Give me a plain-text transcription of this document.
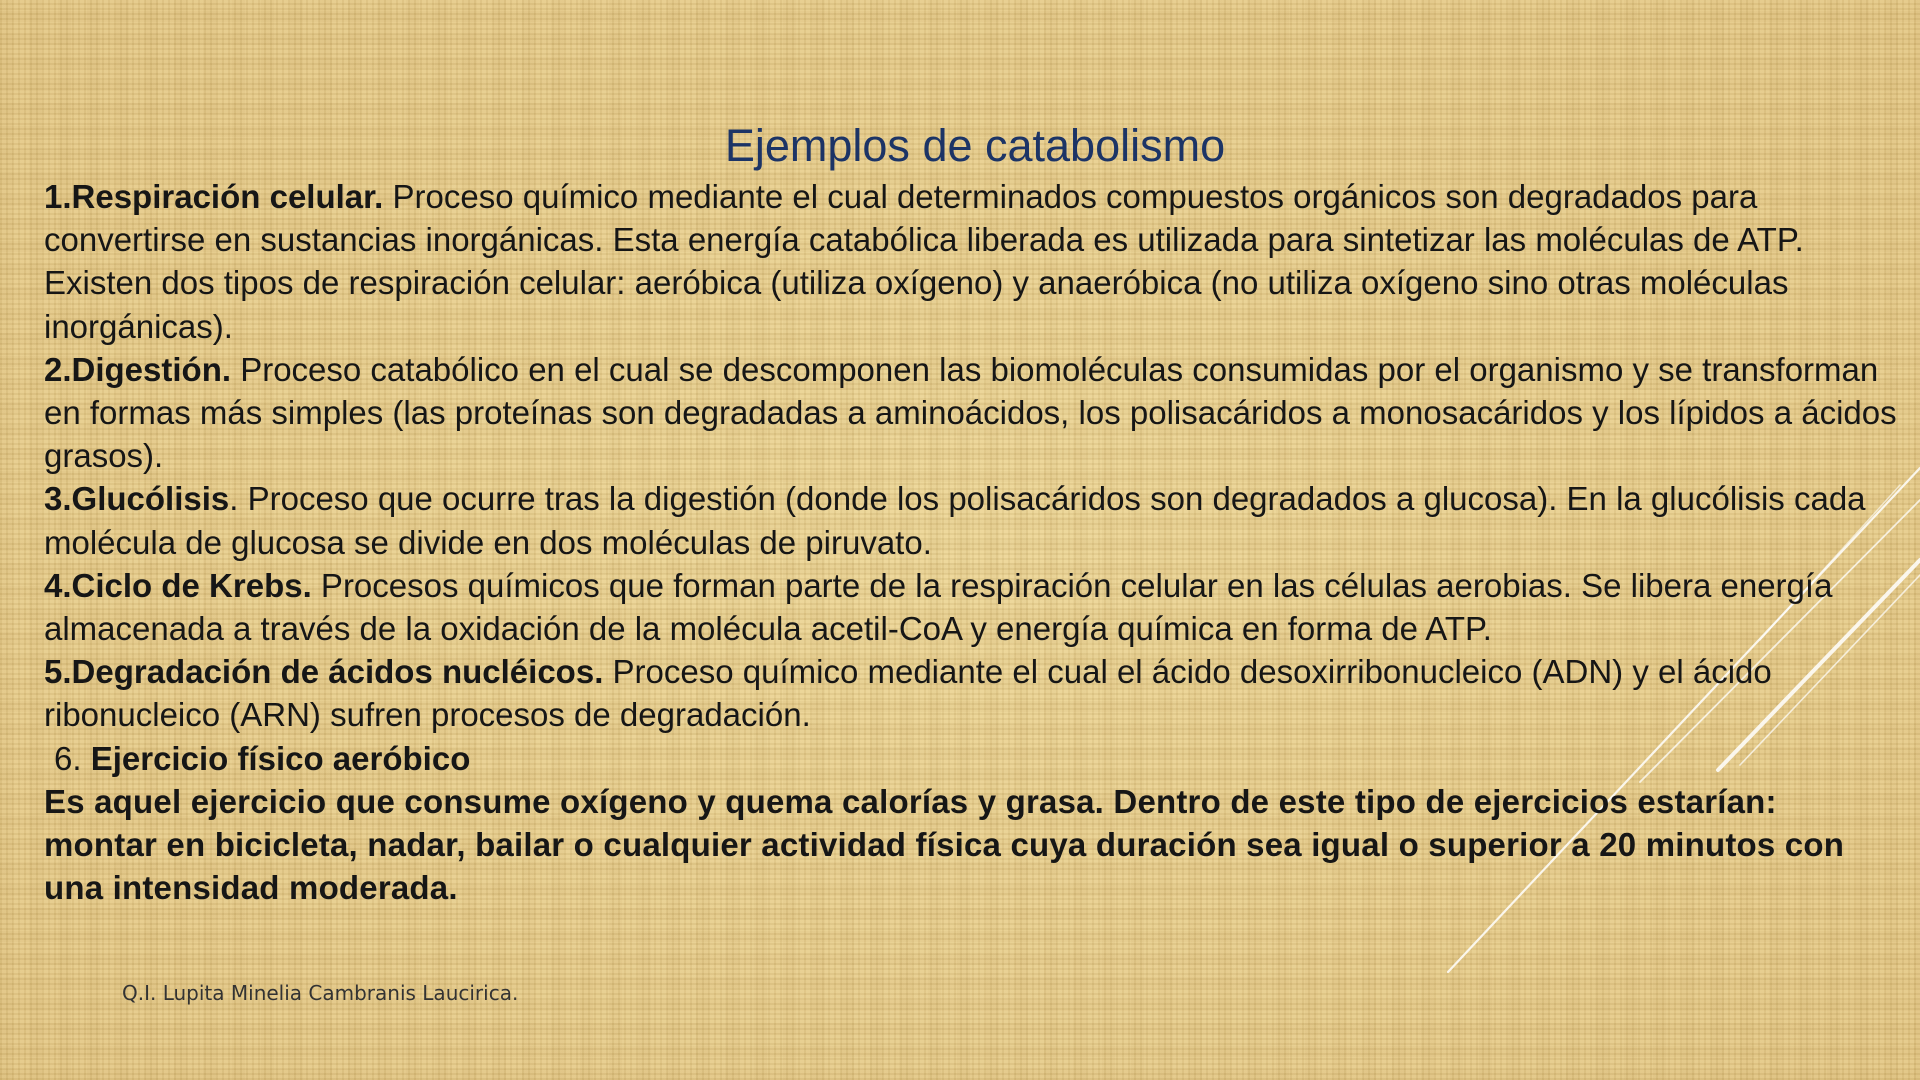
Ejemplos de catabolismo

1.Respiración celular. Proceso químico mediante el cual determinados compuestos orgánicos son degradados para convertirse en sustancias inorgánicas. Esta energía catabólica liberada es utilizada para sintetizar las moléculas de ATP. Existen dos tipos de respiración celular: aeróbica (utiliza oxígeno) y anaeróbica (no utiliza oxígeno sino otras moléculas inorgánicas).

2.Digestión. Proceso catabólico en el cual se descomponen las biomoléculas consumidas por el organismo y se transforman en formas más simples (las proteínas son degradadas a aminoácidos, los polisacáridos a monosacáridos y los lípidos a ácidos grasos).

3.Glucólisis. Proceso que ocurre tras la digestión (donde los polisacáridos son degradados a glucosa). En la glucólisis cada molécula de glucosa se divide en dos moléculas de piruvato.

4.Ciclo de Krebs. Procesos químicos que forman parte de la respiración celular en las células aerobias. Se libera energía almacenada a través de la oxidación de la molécula acetil-CoA y energía química en forma de ATP.

5.Degradación de ácidos nucléicos. Proceso químico mediante el cual el ácido desoxirribonucleico (ADN) y el ácido ribonucleico (ARN) sufren procesos de degradación.

6. Ejercicio físico aeróbico

Es aquel ejercicio que consume oxígeno y quema calorías y grasa. Dentro de este tipo de ejercicios estarían: montar en bicicleta, nadar, bailar o cualquier actividad física cuya duración sea igual o superior a 20 minutos con una intensidad moderada.

Q.I. Lupita Minelia Cambranis Laucirica.
